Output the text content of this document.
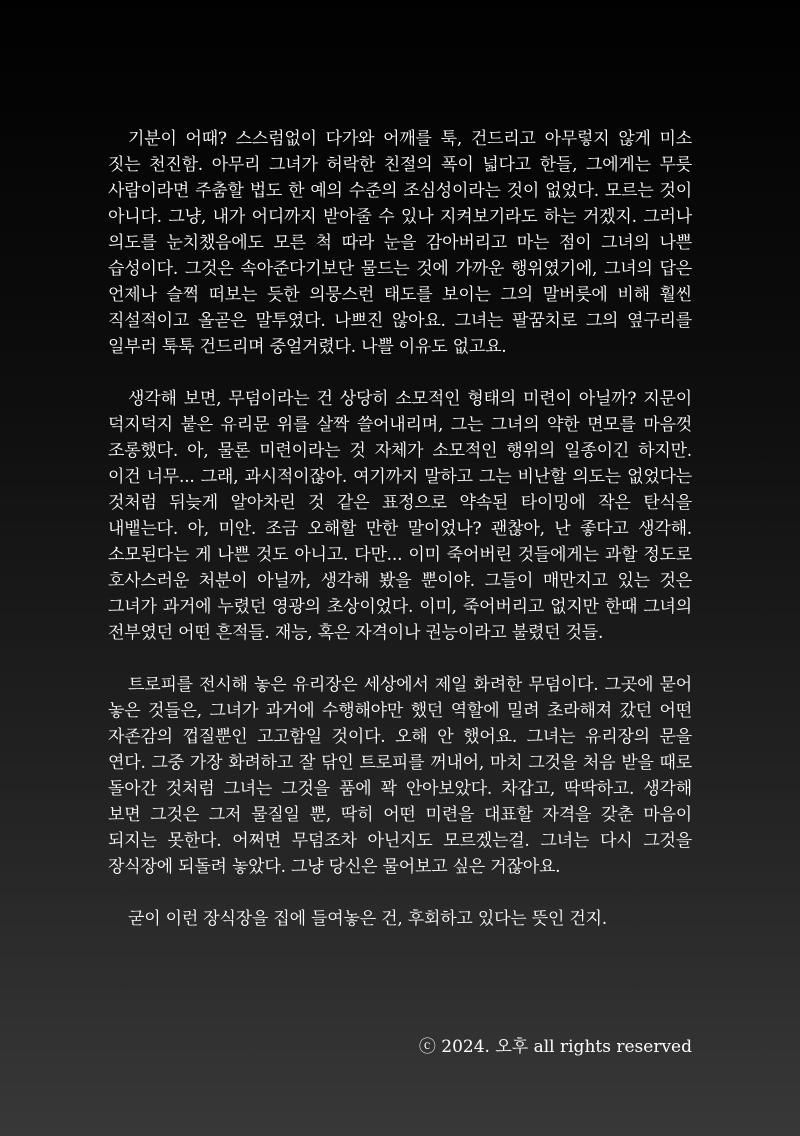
기분이 어때? 스스럼없이 다가와 어깨를 툭, 건드리고 아무렇지 않게 미소 짓는 천진함. 아무리 그녀가 허락한 친절의 폭이 넓다고 한들, 그에게는 무릇 사람이라면 주춤할 법도 한 예의 수준의 조심성이라는 것이 없었다. 모르는 것이 아니다. 그냥, 내가 어디까지 받아줄 수 있나 지켜보기라도 하는 거겠지. 그러나 의도를 눈치챘음에도 모른 척 따라 눈을 감아버리고 마는 점이 그녀의 나쁜 습성이다. 그것은 속아준다기보단 물드는 것에 가까운 행위였기에, 그녀의 답은 언제나 슬쩍 떠보는 듯한 의뭉스런 태도를 보이는 그의 말버릇에 비해 훨씬 직설적이고 올곧은 말투였다. 나쁘진 않아요. 그녀는 팔꿈치로 그의 옆구리를 일부러 툭툭 건드리며 중얼거렸다. 나쁠 이유도 없고요.

생각해 보면, 무덤이라는 건 상당히 소모적인 형태의 미련이 아닐까? 지문이 덕지덕지 붙은 유리문 위를 살짝 쓸어내리며, 그는 그녀의 약한 면모를 마음껏 조롱했다. 아, 물론 미련이라는 것 자체가 소모적인 행위의 일종이긴 하지만. 이건 너무... 그래, 과시적이잖아. 여기까지 말하고 그는 비난할 의도는 없었다는 것처럼 뒤늦게 알아차린 것 같은 표정으로 약속된 타이밍에 작은 탄식을 내뱉는다. 아, 미안. 조금 오해할 만한 말이었나? 괜찮아, 난 좋다고 생각해. 소모된다는 게 나쁜 것도 아니고. 다만... 이미 죽어버린 것들에게는 과할 정도로 호사스러운 처분이 아닐까, 생각해 봤을 뿐이야. 그들이 매만지고 있는 것은 그녀가 과거에 누렸던 영광의 초상이었다. 이미, 죽어버리고 없지만 한때 그녀의 전부였던 어떤 흔적들. 재능, 혹은 자격이나 권능이라고 불렸던 것들.

트로피를 전시해 놓은 유리장은 세상에서 제일 화려한 무덤이다. 그곳에 묻어 놓은 것들은, 그녀가 과거에 수행해야만 했던 역할에 밀려 초라해져 갔던 어떤 자존감의 껍질뿐인 고고함일 것이다. 오해 안 했어요. 그녀는 유리장의 문을 연다. 그중 가장 화려하고 잘 닦인 트로피를 꺼내어, 마치 그것을 처음 받을 때로 돌아간 것처럼 그녀는 그것을 품에 꽉 안아보았다. 차갑고, 딱딱하고. 생각해 보면 그것은 그저 물질일 뿐, 딱히 어떤 미련을 대표할 자격을 갖춘 마음이 되지는 못한다. 어쩌면 무덤조차 아닌지도 모르겠는걸. 그녀는 다시 그것을 장식장에 되돌려 놓았다. 그냥 당신은 물어보고 싶은 거잖아요.

굳이 이런 장식장을 집에 들여놓은 건, 후회하고 있다는 뜻인 건지.

ⓒ 2024. 오후 all rights reserved
